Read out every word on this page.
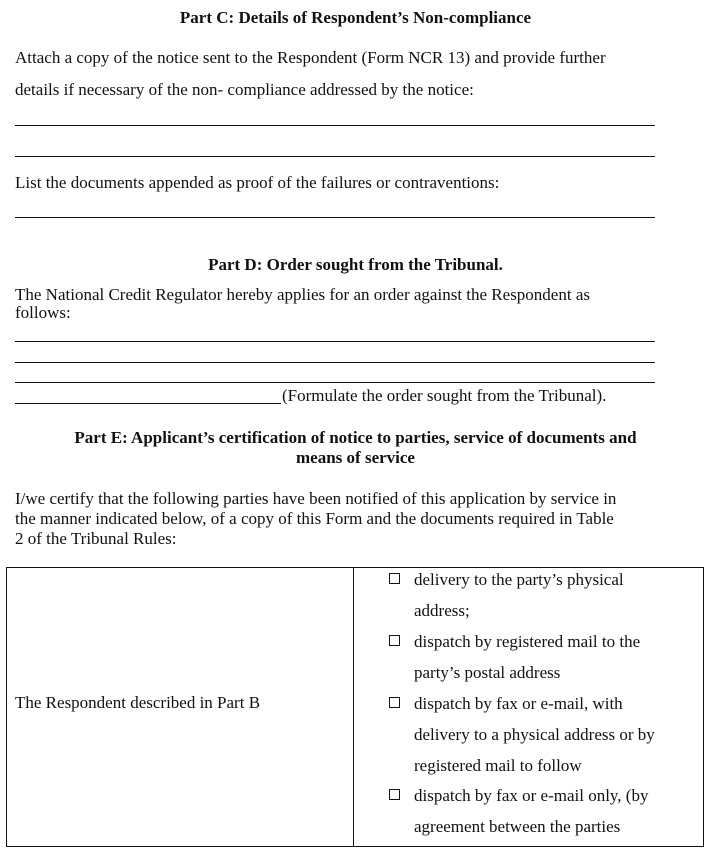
Part C: Details of Respondent’s Non-compliance
Attach a copy of the notice sent to the Respondent (Form NCR 13) and provide further
details if necessary of the non- compliance addressed by the notice:
List the documents appended as proof of the failures or contraventions:
Part D: Order sought from the Tribunal.
The National Credit Regulator hereby applies for an order against the Respondent as
follows:
(Formulate the order sought from the Tribunal).
Part E: Applicant’s certification of notice to parties, service of documents and
means of service
I/we certify that the following parties have been notified of this application by service in
the manner indicated below, of a copy of this Form and the documents required in Table
2 of the Tribunal Rules:
The Respondent described in Part B
delivery to the party’s physical
address;
dispatch by registered mail to the
party’s postal address
dispatch by fax or e-mail, with
delivery to a physical address or by
registered mail to follow
dispatch by fax or e-mail only, (by
agreement between the parties
